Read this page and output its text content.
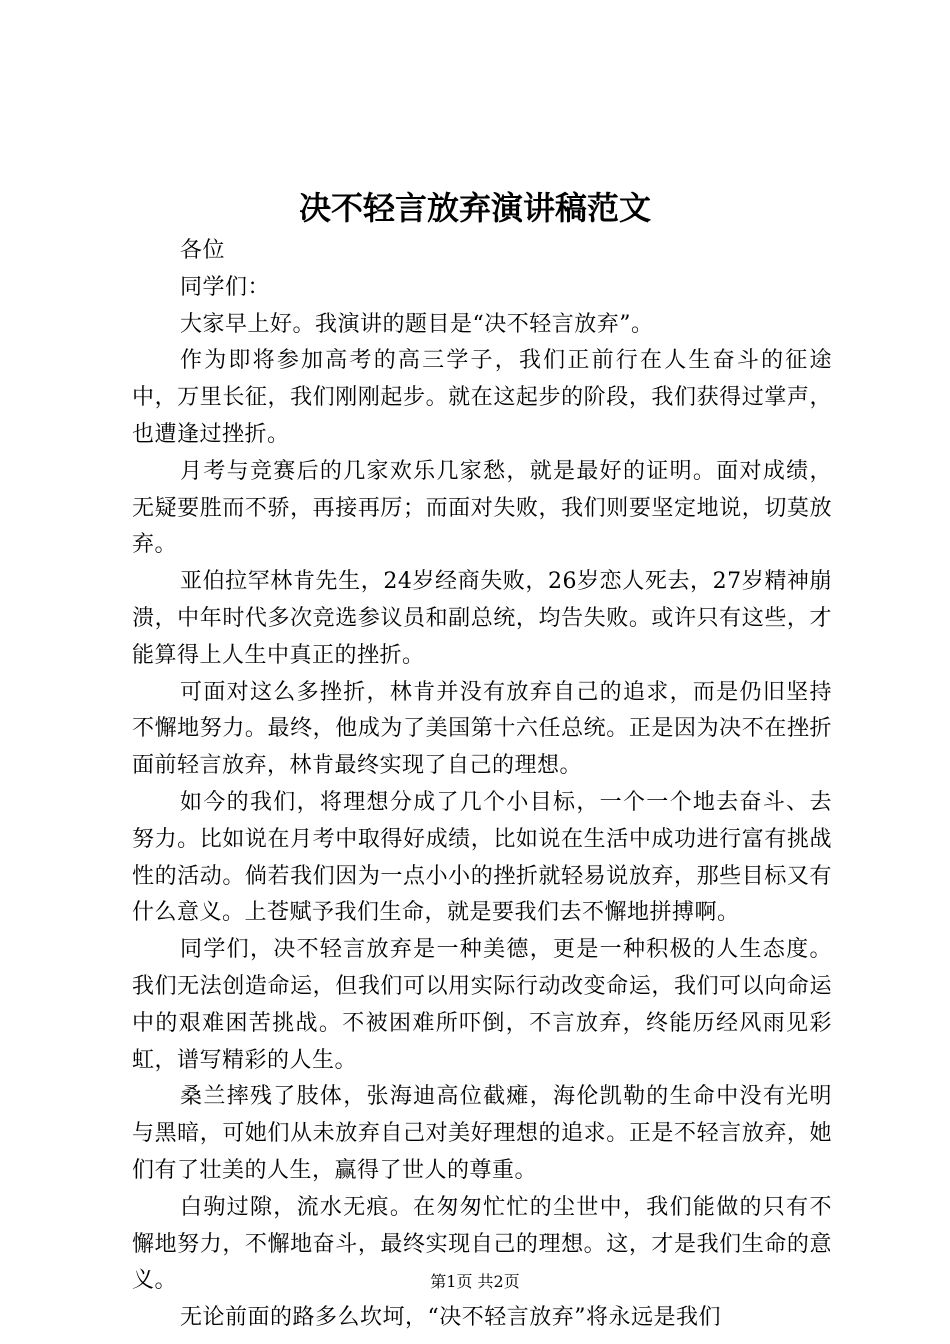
决不轻言放弃演讲稿范文

各位

同学们：

大家早上好。我演讲的题目是“决不轻言放弃”。

作为即将参加高考的高三学子，我们正前行在人生奋斗的征途中，万里长征，我们刚刚起步。就在这起步的阶段，我们获得过掌声，也遭逢过挫折。

月考与竞赛后的几家欢乐几家愁，就是最好的证明。面对成绩，无疑要胜而不骄，再接再厉；而面对失败，我们则要坚定地说，切莫放弃。

亚伯拉罕林肯先生，24岁经商失败，26岁恋人死去，27岁精神崩溃，中年时代多次竞选参议员和副总统，均告失败。或许只有这些，才能算得上人生中真正的挫折。

可面对这么多挫折，林肯并没有放弃自己的追求，而是仍旧坚持不懈地努力。最终，他成为了美国第十六任总统。正是因为决不在挫折面前轻言放弃，林肯最终实现了自己的理想。

如今的我们，将理想分成了几个小目标，一个一个地去奋斗、去努力。比如说在月考中取得好成绩，比如说在生活中成功进行富有挑战性的活动。倘若我们因为一点小小的挫折就轻易说放弃，那些目标又有什么意义。上苍赋予我们生命，就是要我们去不懈地拼搏啊。

同学们，决不轻言放弃是一种美德，更是一种积极的人生态度。我们无法创造命运，但我们可以用实际行动改变命运，我们可以向命运中的艰难困苦挑战。不被困难所吓倒，不言放弃，终能历经风雨见彩虹，谱写精彩的人生。

桑兰摔残了肢体，张海迪高位截瘫，海伦凯勒的生命中没有光明与黑暗，可她们从未放弃自己对美好理想的追求。正是不轻言放弃，她们有了壮美的人生，赢得了世人的尊重。

白驹过隙，流水无痕。在匆匆忙忙的尘世中，我们能做的只有不懈地努力，不懈地奋斗，最终实现自己的理想。这，才是我们生命的意义。

无论前面的路多么坎坷，“决不轻言放弃”将永远是我们

第1页 共2页
